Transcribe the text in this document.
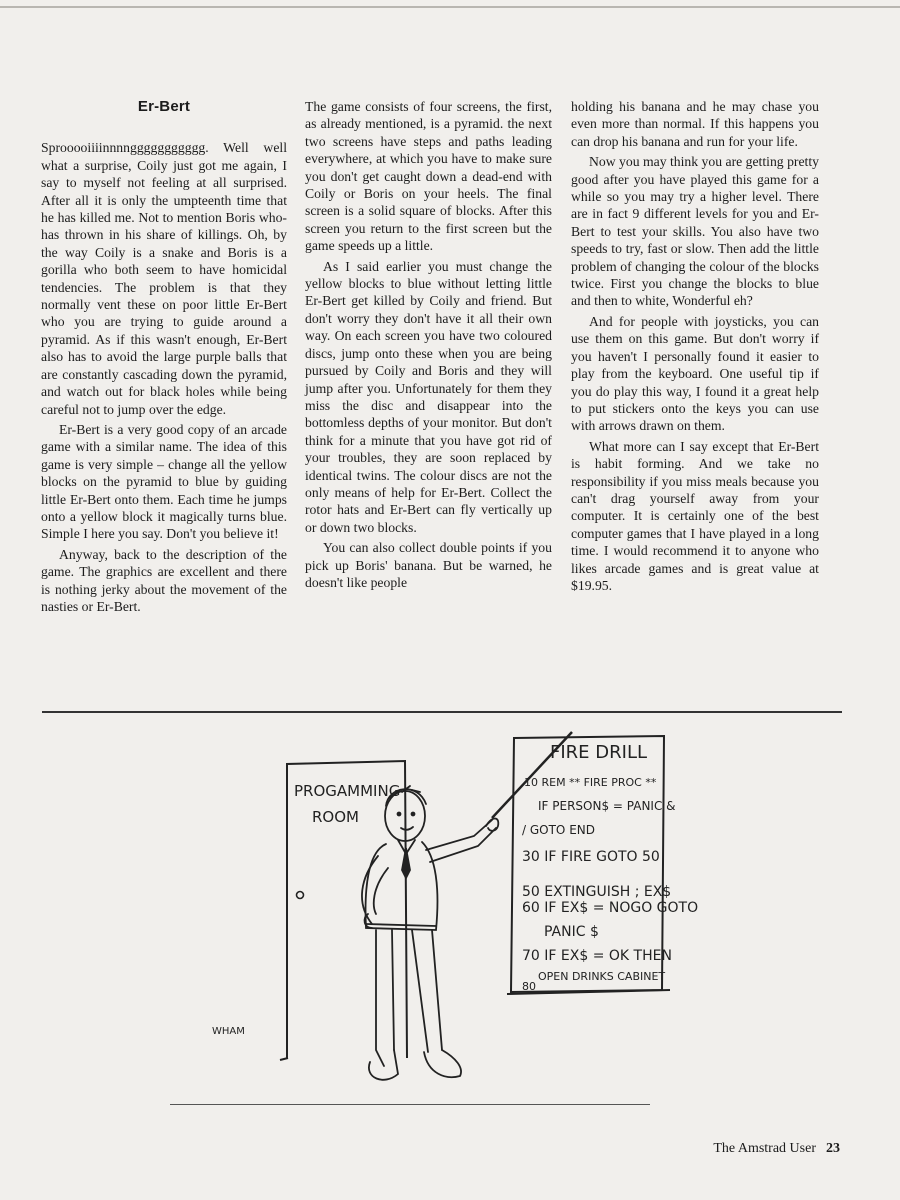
Er-Bert

Sprooooiiiinnnnggggggggggg. Well well what a surprise, Coily just got me again, I say to myself not feeling at all surprised. After all it is only the umpteenth time that he has killed me. Not to mention Boris who-has thrown in his share of killings. Oh, by the way Coily is a snake and Boris is a gorilla who both seem to have homicidal tendencies. The problem is that they normally vent these on poor little Er-Bert who you are trying to guide around a pyramid. As if this wasn't enough, Er-Bert also has to avoid the large purple balls that are constantly cascading down the pyramid, and watch out for black holes while being careful not to jump over the edge.

Er-Bert is a very good copy of an arcade game with a similar name. The idea of this game is very simple – change all the yellow blocks on the pyramid to blue by guiding little Er-Bert onto them. Each time he jumps onto a yellow block it magically turns blue. Simple I here you say. Don't you believe it!

Anyway, back to the description of the game. The graphics are excellent and there is nothing jerky about the movement of the nasties or Er-Bert.

The game consists of four screens, the first, as already mentioned, is a pyramid. the next two screens have steps and paths leading everywhere, at which you have to make sure you don't get caught down a dead-end with Coily or Boris on your heels. The final screen is a solid square of blocks. After this screen you return to the first screen but the game speeds up a little.

As I said earlier you must change the yellow blocks to blue without letting little Er-Bert get killed by Coily and friend. But don't worry they don't have it all their own way. On each screen you have two coloured discs, jump onto these when you are being pursued by Coily and Boris and they will jump after you. Unfortunately for them they miss the disc and disappear into the bottomless depths of your monitor. But don't think for a minute that you have got rid of your troubles, they are soon replaced by identical twins. The colour discs are not the only means of help for Er-Bert. Collect the rotor hats and Er-Bert can fly vertically up or down two blocks.

You can also collect double points if you pick up Boris' banana. But be warned, he doesn't like people

holding his banana and he may chase you even more than normal. If this happens you can drop his banana and run for your life.

Now you may think you are getting pretty good after you have played this game for a while so you may try a higher level. There are in fact 9 different levels for you and Er-Bert to test your skills. You also have two speeds to try, fast or slow. Then add the little problem of changing the colour of the blocks twice. First you change the blocks to blue and then to white, Wonderful eh?

And for people with joysticks, you can use them on this game. But don't worry if you haven't I personally found it easier to play from the keyboard. One useful tip if you do play this way, I found it a great help to put stickers onto the keys you can use with arrows drawn on them.

What more can I say except that Er-Bert is habit forming. And we take no responsibility if you miss meals because you can't drag yourself away from your computer. It is certainly one of the best computer games that I have played in a long time. I would recommend it to anyone who likes arcade games and is great value at $19.95.

PROGAMMING
ROOM
WHAM
FIRE DRILL
10 REM ** FIRE PROC **
IF PERSON$ = PANIC &
/ GOTO END
30 IF FIRE GOTO 50
50 EXTINGUISH ; EX$
60 IF EX$ = NOGO GOTO
PANIC $
70 IF EX$ = OK THEN
OPEN DRINKS CABINET
80
The Amstrad User 23
